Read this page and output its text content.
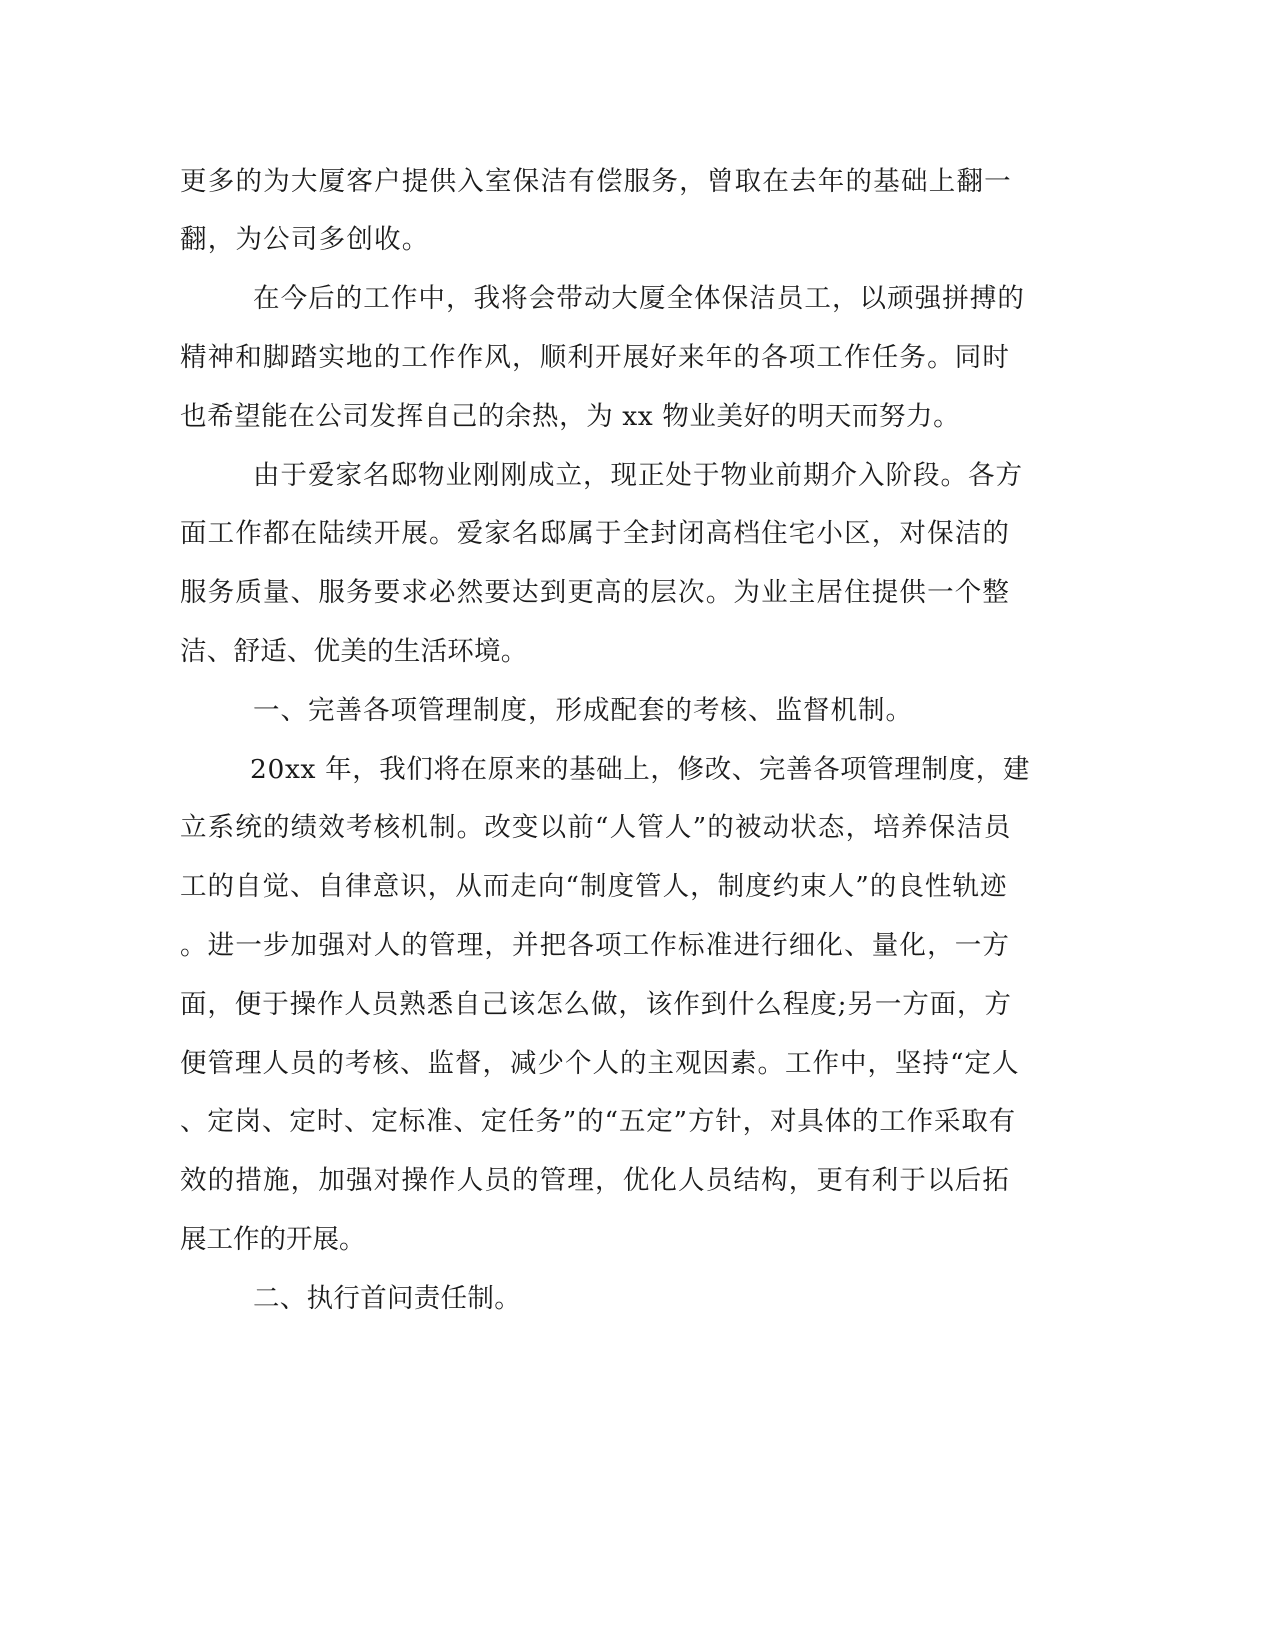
更多的为大厦客户提供入室保洁有偿服务，曾取在去年的基础上翻一

翻，为公司多创收。

在今后的工作中，我将会带动大厦全体保洁员工，以顽强拼搏的

精神和脚踏实地的工作作风，顺利开展好来年的各项工作任务。同时

也希望能在公司发挥自己的余热，为 xx 物业美好的明天而努力。

由于爱家名邸物业刚刚成立，现正处于物业前期介入阶段。各方

面工作都在陆续开展。爱家名邸属于全封闭高档住宅小区，对保洁的

服务质量、服务要求必然要达到更高的层次。为业主居住提供一个整

洁、舒适、优美的生活环境。

一、完善各项管理制度，形成配套的考核、监督机制。

20xx 年，我们将在原来的基础上，修改、完善各项管理制度，建

立系统的绩效考核机制。改变以前“人管人”的被动状态，培养保洁员

工的自觉、自律意识，从而走向“制度管人，制度约束人”的良性轨迹

。进一步加强对人的管理，并把各项工作标准进行细化、量化，一方

面，便于操作人员熟悉自己该怎么做，该作到什么程度;另一方面，方

便管理人员的考核、监督，减少个人的主观因素。工作中，坚持“定人

、定岗、定时、定标准、定任务”的“五定”方针，对具体的工作采取有

效的措施，加强对操作人员的管理，优化人员结构，更有利于以后拓

展工作的开展。

二、执行首问责任制。
